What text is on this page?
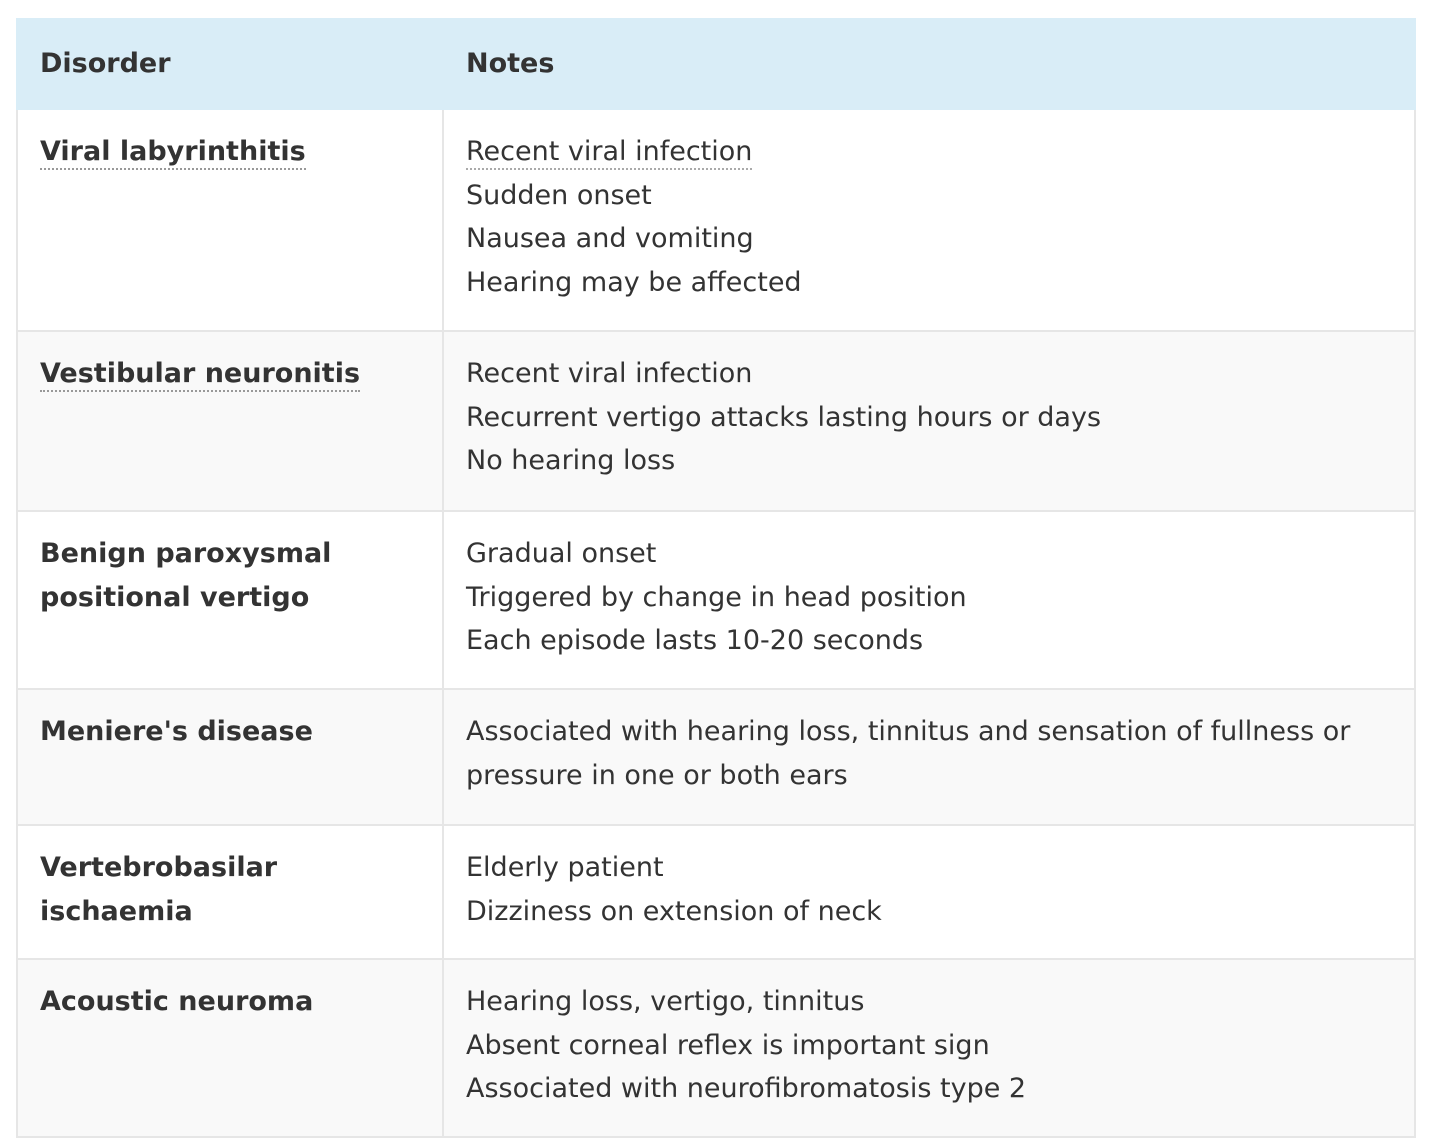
Disorder	Notes
Viral labyrinthitis	Recent viral infection
Sudden onset
Nausea and vomiting
Hearing may be affected

Vestibular neuronitis	Recent viral infection
Recurrent vertigo attacks lasting hours or days
No hearing loss

Benign paroxysmal positional vertigo	Gradual onset
Triggered by change in head position
Each episode lasts 10-20 seconds

Meniere's disease	Associated with hearing loss, tinnitus and sensation of fullness or pressure in one or both ears

Vertebrobasilar ischaemia	Elderly patient
Dizziness on extension of neck

Acoustic neuroma	Hearing loss, vertigo, tinnitus
Absent corneal reflex is important sign
Associated with neurofibromatosis type 2
